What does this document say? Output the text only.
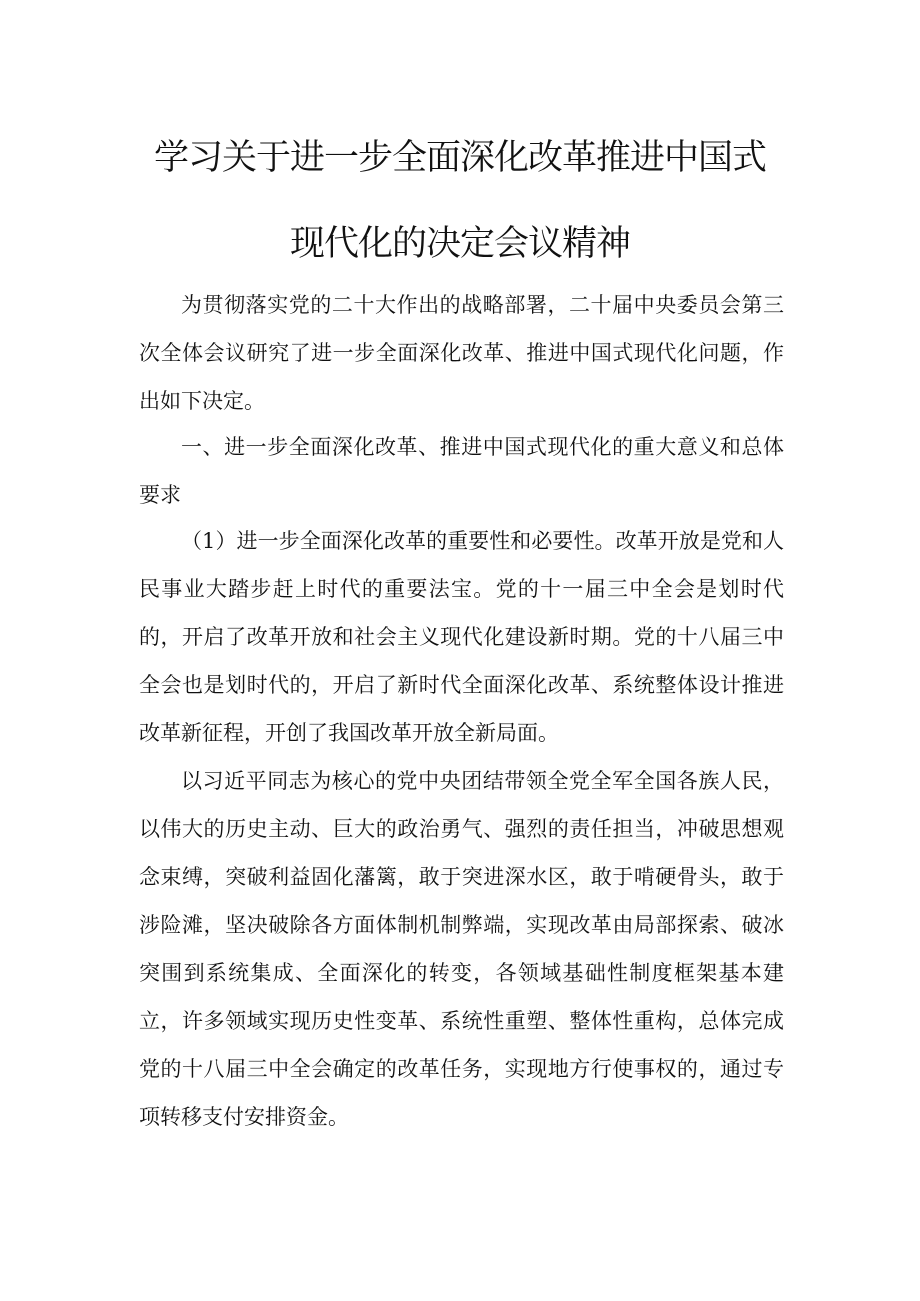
学习关于进一步全面深化改革推进中国式
现代化的决定会议精神

为贯彻落实党的二十大作出的战略部署，二十届中央委员会第三次全体会议研究了进一步全面深化改革、推进中国式现代化问题，作出如下决定。

一、进一步全面深化改革、推进中国式现代化的重大意义和总体要求

（1）进一步全面深化改革的重要性和必要性。改革开放是党和人民事业大踏步赶上时代的重要法宝。党的十一届三中全会是划时代的，开启了改革开放和社会主义现代化建设新时期。党的十八届三中全会也是划时代的，开启了新时代全面深化改革、系统整体设计推进改革新征程，开创了我国改革开放全新局面。

以习近平同志为核心的党中央团结带领全党全军全国各族人民，以伟大的历史主动、巨大的政治勇气、强烈的责任担当，冲破思想观念束缚，突破利益固化藩篱，敢于突进深水区，敢于啃硬骨头，敢于涉险滩，坚决破除各方面体制机制弊端，实现改革由局部探索、破冰突围到系统集成、全面深化的转变，各领域基础性制度框架基本建立，许多领域实现历史性变革、系统性重塑、整体性重构，总体完成党的十八届三中全会确定的改革任务，实现地方行使事权的，通过专项转移支付安排资金。
